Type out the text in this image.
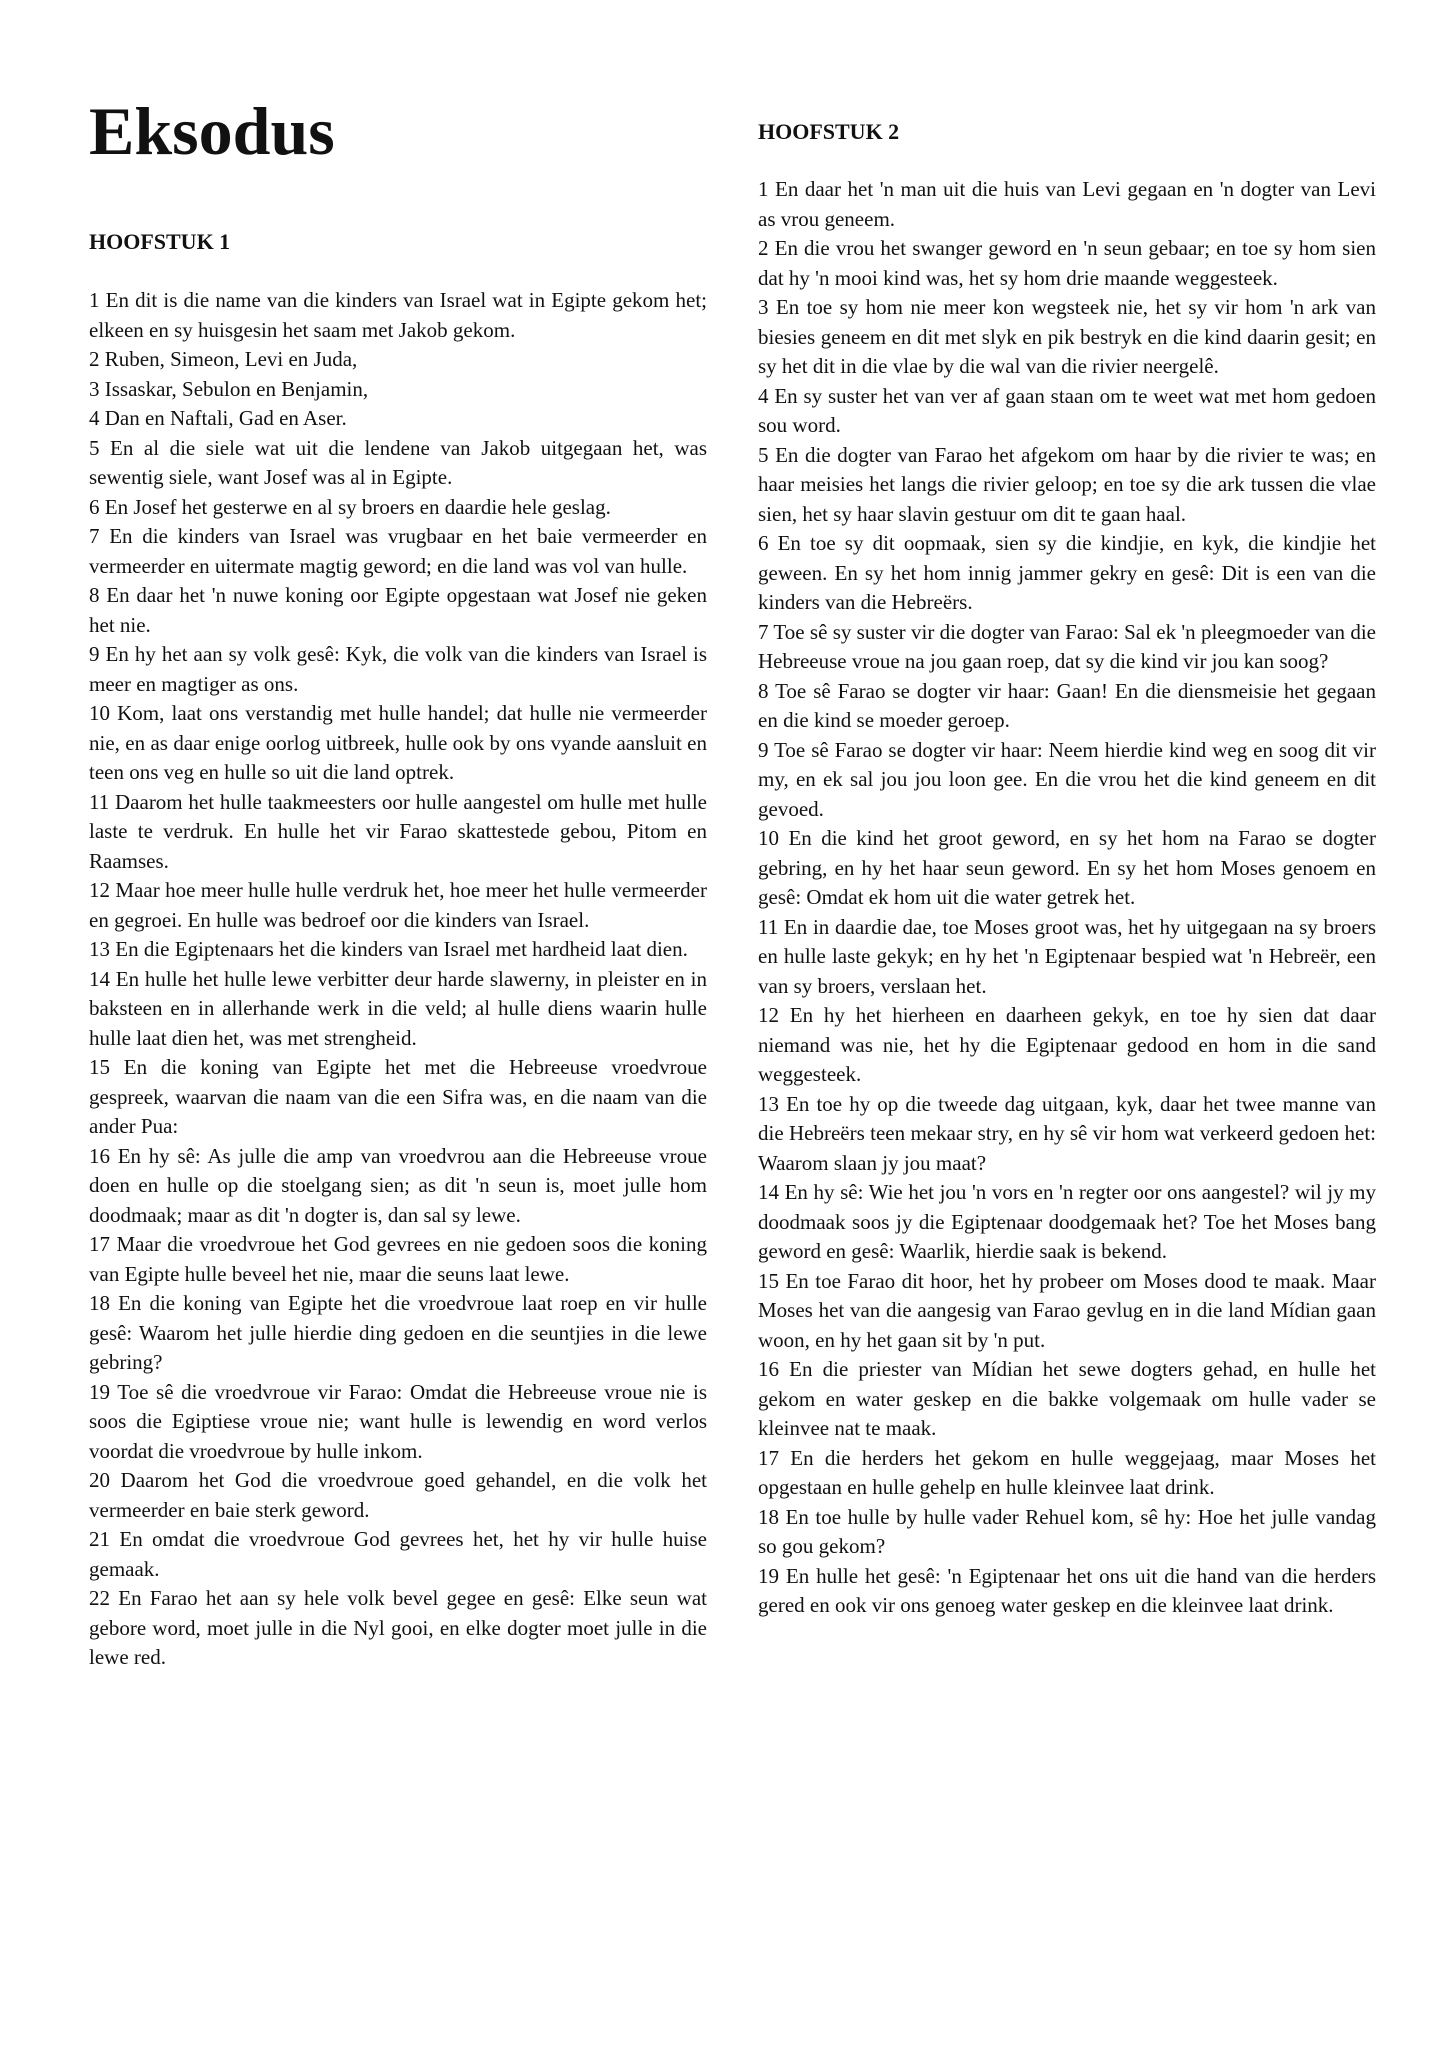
Eksodus
HOOFSTUK 1

1 En dit is die name van die kinders van Israel wat in Egipte gekom het; elkeen en sy huisgesin het saam met Jakob gekom.

2 Ruben, Simeon, Levi en Juda,

3 Issaskar, Sebulon en Benjamin,

4 Dan en Naftali, Gad en Aser.

5 En al die siele wat uit die lendene van Jakob uitgegaan het, was sewentig siele, want Josef was al in Egipte.

6 En Josef het gesterwe en al sy broers en daardie hele geslag.

7 En die kinders van Israel was vrugbaar en het baie vermeerder en vermeerder en uitermate magtig geword; en die land was vol van hulle.

8 En daar het 'n nuwe koning oor Egipte opgestaan wat Josef nie geken het nie.

9 En hy het aan sy volk gesê: Kyk, die volk van die kinders van Israel is meer en magtiger as ons.

10 Kom, laat ons verstandig met hulle handel; dat hulle nie vermeerder nie, en as daar enige oorlog uitbreek, hulle ook by ons vyande aansluit en teen ons veg en hulle so uit die land optrek.

11 Daarom het hulle taakmeesters oor hulle aangestel om hulle met hulle laste te verdruk. En hulle het vir Farao skattestede gebou, Pitom en Raamses.

12 Maar hoe meer hulle hulle verdruk het, hoe meer het hulle vermeerder en gegroei. En hulle was bedroef oor die kinders van Israel.

13 En die Egiptenaars het die kinders van Israel met hardheid laat dien.

14 En hulle het hulle lewe verbitter deur harde slawerny, in pleister en in baksteen en in allerhande werk in die veld; al hulle diens waarin hulle hulle laat dien het, was met strengheid.

15 En die koning van Egipte het met die Hebreeuse vroedvroue gespreek, waarvan die naam van die een Sifra was, en die naam van die ander Pua:

16 En hy sê: As julle die amp van vroedvrou aan die Hebreeuse vroue doen en hulle op die stoelgang sien; as dit 'n seun is, moet julle hom doodmaak; maar as dit 'n dogter is, dan sal sy lewe.

17 Maar die vroedvroue het God gevrees en nie gedoen soos die koning van Egipte hulle beveel het nie, maar die seuns laat lewe.

18 En die koning van Egipte het die vroedvroue laat roep en vir hulle gesê: Waarom het julle hierdie ding gedoen en die seuntjies in die lewe gebring?

19 Toe sê die vroedvroue vir Farao: Omdat die Hebreeuse vroue nie is soos die Egiptiese vroue nie; want hulle is lewendig en word verlos voordat die vroedvroue by hulle inkom.

20 Daarom het God die vroedvroue goed gehandel, en die volk het vermeerder en baie sterk geword.

21 En omdat die vroedvroue God gevrees het, het hy vir hulle huise gemaak.

22 En Farao het aan sy hele volk bevel gegee en gesê: Elke seun wat gebore word, moet julle in die Nyl gooi, en elke dogter moet julle in die lewe red.

HOOFSTUK 2

1 En daar het 'n man uit die huis van Levi gegaan en 'n dogter van Levi as vrou geneem.

2 En die vrou het swanger geword en 'n seun gebaar; en toe sy hom sien dat hy 'n mooi kind was, het sy hom drie maande weggesteek.

3 En toe sy hom nie meer kon wegsteek nie, het sy vir hom 'n ark van biesies geneem en dit met slyk en pik bestryk en die kind daarin gesit; en sy het dit in die vlae by die wal van die rivier neergelê.

4 En sy suster het van ver af gaan staan om te weet wat met hom gedoen sou word.

5 En die dogter van Farao het afgekom om haar by die rivier te was; en haar meisies het langs die rivier geloop; en toe sy die ark tussen die vlae sien, het sy haar slavin gestuur om dit te gaan haal.

6 En toe sy dit oopmaak, sien sy die kindjie, en kyk, die kindjie het geween. En sy het hom innig jammer gekry en gesê: Dit is een van die kinders van die Hebreërs.

7 Toe sê sy suster vir die dogter van Farao: Sal ek 'n pleegmoeder van die Hebreeuse vroue na jou gaan roep, dat sy die kind vir jou kan soog?

8 Toe sê Farao se dogter vir haar: Gaan! En die diensmeisie het gegaan en die kind se moeder geroep.

9 Toe sê Farao se dogter vir haar: Neem hierdie kind weg en soog dit vir my, en ek sal jou jou loon gee. En die vrou het die kind geneem en dit gevoed.

10 En die kind het groot geword, en sy het hom na Farao se dogter gebring, en hy het haar seun geword. En sy het hom Moses genoem en gesê: Omdat ek hom uit die water getrek het.

11 En in daardie dae, toe Moses groot was, het hy uitgegaan na sy broers en hulle laste gekyk; en hy het 'n Egiptenaar bespied wat 'n Hebreër, een van sy broers, verslaan het.

12 En hy het hierheen en daarheen gekyk, en toe hy sien dat daar niemand was nie, het hy die Egiptenaar gedood en hom in die sand weggesteek.

13 En toe hy op die tweede dag uitgaan, kyk, daar het twee manne van die Hebreërs teen mekaar stry, en hy sê vir hom wat verkeerd gedoen het: Waarom slaan jy jou maat?

14 En hy sê: Wie het jou 'n vors en 'n regter oor ons aangestel? wil jy my doodmaak soos jy die Egiptenaar doodgemaak het? Toe het Moses bang geword en gesê: Waarlik, hierdie saak is bekend.

15 En toe Farao dit hoor, het hy probeer om Moses dood te maak. Maar Moses het van die aangesig van Farao gevlug en in die land Mídian gaan woon, en hy het gaan sit by 'n put.

16 En die priester van Mídian het sewe dogters gehad, en hulle het gekom en water geskep en die bakke volgemaak om hulle vader se kleinvee nat te maak.

17 En die herders het gekom en hulle weggejaag, maar Moses het opgestaan en hulle gehelp en hulle kleinvee laat drink.

18 En toe hulle by hulle vader Rehuel kom, sê hy: Hoe het julle vandag so gou gekom?

19 En hulle het gesê: 'n Egiptenaar het ons uit die hand van die herders gered en ook vir ons genoeg water geskep en die kleinvee laat drink.
